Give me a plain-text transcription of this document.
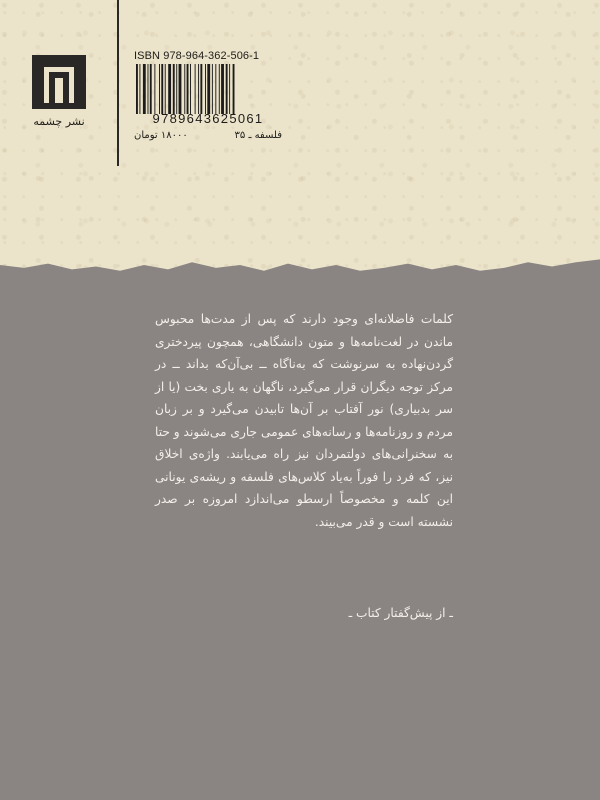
نشر چشمه
ISBN 978-964-362-506-1
9789643625061
فلسفه ـ ۳۵
۱۸۰۰۰ تومان

کلمات فاضلانه‌ای وجود دارند که پس از مدت‌ها محبوس ماندن در لغت‌نامه‌ها و متون دانشگاهی، همچون پیردختری گردن‌نهاده به سرنوشت که به‌ناگاه ــ بی‌آن‌که بداند ــ در مرکز توجه دیگران قرار می‌گیرد، ناگهان به یاری بخت (یا از سر بدبیاری) نور آفتاب بر آن‌ها تابیدن می‌گیرد و بر زبان مردم و روزنامه‌ها و رسانه‌های عمومی جاری می‌شوند و حتا به سخنرانی‌های دولتمردان نیز راه می‌یابند. واژه‌ی اخلاق نیز، که فرد را فوراً به‌یاد کلاس‌های فلسفه و ریشه‌ی یونانی این کلمه و مخصوصاً ارسطو می‌اندازد امروزه بر صدر نشسته است و قدر می‌بیند.

ـ از پیش‌گفتار کتاب ـ
